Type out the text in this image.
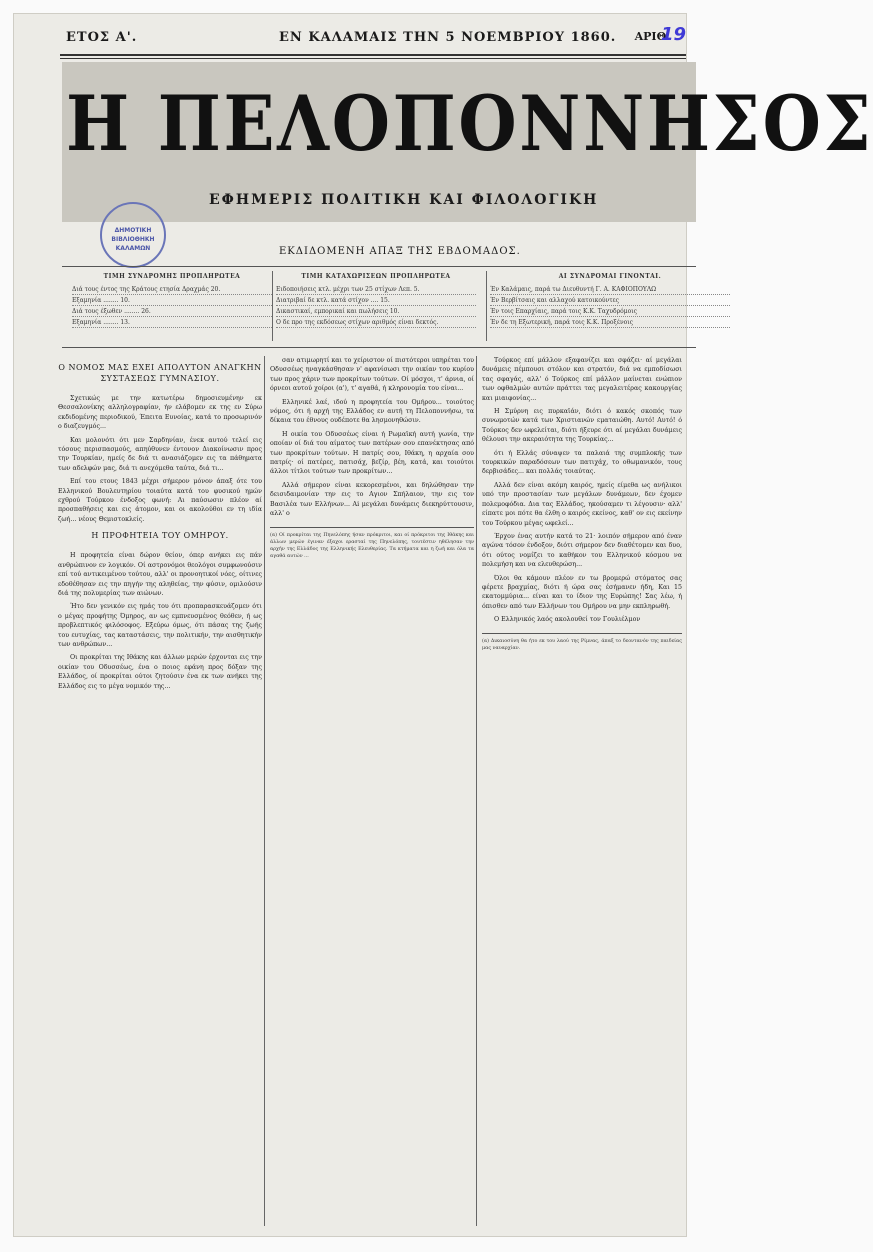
ΕΤΟΣ Α'.	ΕΝ ΚΑΛΑΜΑΙΣ ΤΗΝ 5 ΝΟΕΜΒΡΙΟΥ 1860. ΑΡΙΘ.
19
Η ΠΕΛΟΠΟΝΝΗΣΟΣ
ΕΦΗΜΕΡΙΣ ΠΟΛΙΤΙΚΗ ΚΑΙ ΦΙΛΟΛΟΓΙΚΗ
ΕΚΔΙΔΟΜΕΝΗ ΑΠΑΞ ΤΗΣ ΕΒΔΟΜΑΔΟΣ.
ΔΗΜΟΤΙΚΗ ΒΙΒΛΙΟΘΗΚΗ ΚΑΛΑΜΩΝ
ΤΙΜΗ ΣΥΝΔΡΟΜΗΣ ΠΡΟΠΛΗΡΩΤΕΑ
Διά τους έντος της Κράτους ετησία Δραχμάς 20.
Εξαμηνία ........ 10.
Διά τους έξωθεν ........ 26.
Εξαμηνία ........ 13.
ΤΙΜΗ ΚΑΤΑΧΩΡΙΣΕΩΝ ΠΡΟΠΛΗΡΩΤΕΑ
Ειδοποιήσεις κτλ. μέχρι των 25 στίχων Λεπ. 5.
Διατριβαί δε κτλ. κατά στίχον .... 15.
Δικαστικαί, εμπορικαί και πωλήσεις 10.
Ο δε προ της εκδόσεως στίχων αριθμός είναι δεκτός.
ΑΙ ΣΥΝΔΡΟΜΑΙ ΓΙΝΟΝΤΑΙ.
Έν Καλάμαις, παρά τω Διευθυντή Γ. Α. ΚΑΦΙΟΠΟΥΛΩ
Έν Βερβίτσαις και αλλαχού κατοικούντες
Έν τοις Επαρχίαις, παρά τοις Κ.Κ. Ταχυδρόμοις
Έν δε τη Εξωτερική, παρά τοις Κ.Κ. Προξένοις
Ο ΝΟΜΟΣ ΜΑΣ ΕΧΕΙ ΑΠΟΛΥΤΟΝ ΑΝΑΓΚΗΝ ΣΥΣΤΑΣΕΩΣ ΓΥΜΝΑΣΙΟΥ.

Σχετικώς με την κατωτέρω δημοσιευμένην εκ Θεσσαλονίκης αλληλογραφίαν, ήν ελάβομεν εκ της εν Σύρω εκδιδομένης περιοδικού, Έπειτα Ευνοίας, κατά το προσωρινόν ο διαζευγμός...

Και μολονότι ότι μεν Σαρδηνίαν, ένεκ αυτού τελεί εις τόσους περισπασμούς, απηύθυνεν έντονον Διακοίνωσιν προς την Τουρκίαν, ημείς δε διά τι ανασιάζομεν εις τα πάθηματα των αδελφών μας, διά τι ανεχόμεθα ταύτα, διά τι...

Επί του ετους 1843 μέχρι σήμερον μόνον άπαξ ότε του Ελληνικού Βουλευτηρίου τοιαύτα κατά του φυσικού ημών εχθρού Τούρκου ένδοξος φωνή: Αι παύσωσιν πλέον αί προσπαθήσεις και εις άτομον, και οι ακολούθοι εν τη ιδία ζωή... νέους Θεμιστοκλείς.

Η ΠΡΟΦΗΤΕΙΑ ΤΟΥ ΟΜΗΡΟΥ.

Η προφητεία είναι δώρον θείον, όπερ ανήκει εις πάν ανθρώπινον εν λογικόν. Οί αστρονόμοι θεολόγοι συμφωνούσιν επί τού αντικειμένου τούτου, αλλ' οι προνοητικοί νόες, οίτινες εδοθέθησαν εις την πηγήν της αληθείας, την φύσιν, ομιλούσιν διά της πολυμερίας των αιώνων.

Ήτο δεν γενικόν εις ημάς του ότι προπαρασκευάζομεν ότι ο μέγας προφήτης Όμηρος, αν ως εμπνευσμένος θεόθεν, ή ως προβλεπτικός φιλόσοφος. Εξεύρω όμως, ότι πάσας της ζωής του ευτυχίας, τας καταστάσεις, την πολιτικήν, την αισθητικήν των ανθρώπων...

Οι προκρίται της Ιθάκης και άλλων μερών έρχονται εις την οικίαν του Οδυσσέως, ένα ο ποιος εφάνη προς δόξαν της Ελλάδος, οί προκρίται ούτοι ζητούσιν ένα εκ των ανήκει της Ελλάδος εις το μέγα νομικόν της...

σαν ατιμωρητί και το χείριστον οί πιστότεροι υπηρέται του Οδυσσέως ηναγκάσθησαν ν' αφανίσωσι την οικίαν του κυρίου των προς χάριν των προκρίτων τούτων. Οί μόσχοι, τ' άρνια, οί όρνεοι αυτού χοίροι (α'), τ' αγαθά, ή κληρονομία του είναι...

Ελληνικέ λαέ, ιδού η προφητεία του Ομήρου... τοιούτος νόμος, ότι ή αρχή της Ελλάδος εν αυτή τη Πελοποννήσω, τα δίκαια του έθνους ουδέποτε θα λησμονηθώσιν.

Η οικία του Οδυσσέως είναι ή Ρωμαϊκή αυτή γωνία, την οποίαν οί διά του αίματος των πατέρων σου επανέκτησας από των προκρίτων τούτων. Η πατρίς σου, Ιθάκη, η αρχαία σου πατρίς· οί πατέρες, πατισάχ, βεζίρ, βέη, κατά, και τοιούτοι άλλοι τίτλοι τούτων των προκρίτων...

Αλλά σήμερον είναι κεκορεσμένοι, και δηλώθησαν την δεισιδαιμονίαν την εις το Αγιον Σπήλαιον, την εις τον Βασιλέα των Ελλήνων... Ai μεγάλαι δυνάμεις διεκηρύττουσιν, αλλ' ο

(α) Οί προκρίται της Πηνελόπης ήσαν πρόκριτοι, και οί πρόκριτοι της Ιθάκης και άλλων μερών έγιναν έξαχοι ερασταί της Πηνελόπης, τουτέστιν ηθέλησαν την αρχήν της Ελλάδος της Ελληνικής Ελευθερίας. Τα κτήματα και η ζωή και όλα τα αγαθά αυτών ...

Τούρκος επί μάλλον εξαφανίζει και σφάζει· αί μεγάλαι δυνάμεις πέμπουσι στόλον και στρατόν, διά να εμποδίσωσι τας σφαγάς, αλλ' ό Τούρκος επί μάλλον μαίνεται ενώπιον των οφθαλμών αυτών πράττει τας μεγαλειτέρας κακουργίας και μιαιφονίας...

Η Σμύρνη εις πυρκαϊάν, διότι ό κακός σκοπός των συνωμοτών κατά των Χριστιανών εματαιώθη. Αυτό! Αυτό! ό Τούρκος δεν ωφελείται, διότι ήξευρε ότι αί μεγάλαι δυνάμεις θέλουσι την ακεραιότητα της Τουρκίας...

ότι ή Ελλάς σύναψεν τα παλαιά της συμπλοκής των τουρκικών παραδόσεων των πατιχάχ, το οθωμανικόν, τους δερβισάδες... και πολλάς τοιαύτας.

Αλλά δεν είναι ακόμη καιρός, ημείς είμεθα ως ανήλικοι υπό την προστασίαν των μεγάλων δυνάμεων, δεν έχομεν πολεμοφόδια. Δια τας Ελλάδος, ηκούσαμεν τι λέγουσιν· αλλ' είπατε μοι πότε θα έλθη ο καιρός εκείνος, καθ' ον εις εκείνην του Τούρκου μέγας ωφελεί...

Έρχον ένας αυτήν κατά το 21· λοιπόν σήμερον από έναν αγώνα τόσον ένδοξον, διότι σήμερον δεν διαθέτομεν και δυο, ότι ούτος νομίζει το καθήκον του Ελληνικού κόσμου να πολεμήση και να ελευθερώση...

Όλοι θα κάμουν πλέον εν τω βρομερώ στόματος σας φέρετε βραχμίας, διότι ή ώρα σας έσήμανεν ήδη, Και 15 εκατομμύρια... είναι και το ίδιον της Ευρώπης! Σας λέω, ή όπισθεν από των Ελλήνων του Ομήρου να μην εκπληρωθή.

Ο Ελληνικός λαός ακολουθεί τον Γουλιέλμον

(α) Δικαιοσύνη θα ήτο εκ του λαού της Ρίμνας, άπαξ το δεοντανόν της παιδείας μας ναυαρχίαν.
